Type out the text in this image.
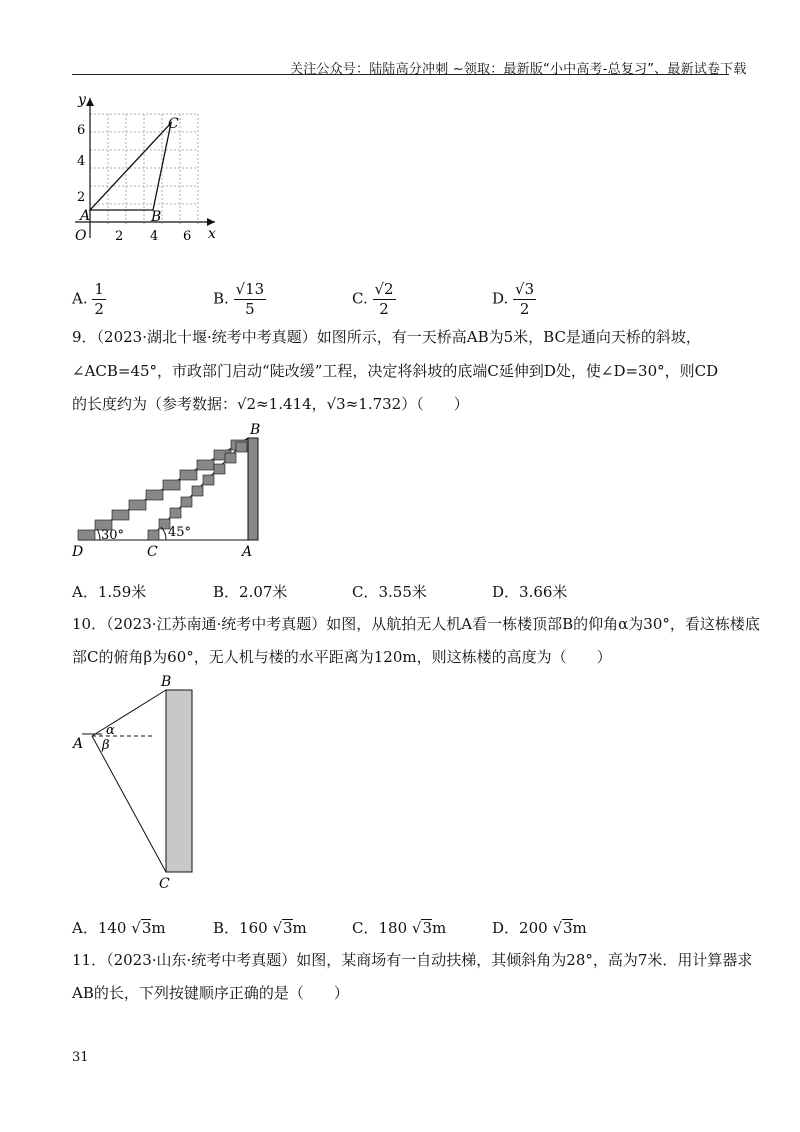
关注公众号：陆陆高分冲刺 ~领取：最新版“小中高考-总复习”、最新试卷下载
y
x
O 2 4 6
2
4
6
A	B
C
A. $\frac{1}{2}$	B. $\frac{√13}{5}$	C. $\frac{√2}{2}$	D. $\frac{√3}{2}$
9．（2023·湖北十堰·统考中考真题）如图所示，有一天桥高AB为5米，BC是通向天桥的斜坡，
∠ACB=45°，市政部门启动“陡改缓”工程，决定将斜坡的底端C延伸到D处，使∠D=30°，则CD
的长度约为（参考数据：√2≈1.414，√3≈1.732）（　　）
30°	45°
B
D	C	A
A．1.59米	B．2.07米	C．3.55米	D．3.66米
10．（2023·江苏南通·统考中考真题）如图，从航拍无人机A看一栋楼顶部B的仰角α为30°，看这栋楼底
部C的俯角β为60°，无人机与楼的水平距离为120m，则这栋楼的高度为（　　）
α
β
A
B
C
A．140 √3m	B．160 √3m	C．180 √3m	D．200 √3m
11．（2023·山东·统考中考真题）如图，某商场有一自动扶梯，其倾斜角为28°，高为7米．用计算器求
AB的长，下列按键顺序正确的是（　　）
31
